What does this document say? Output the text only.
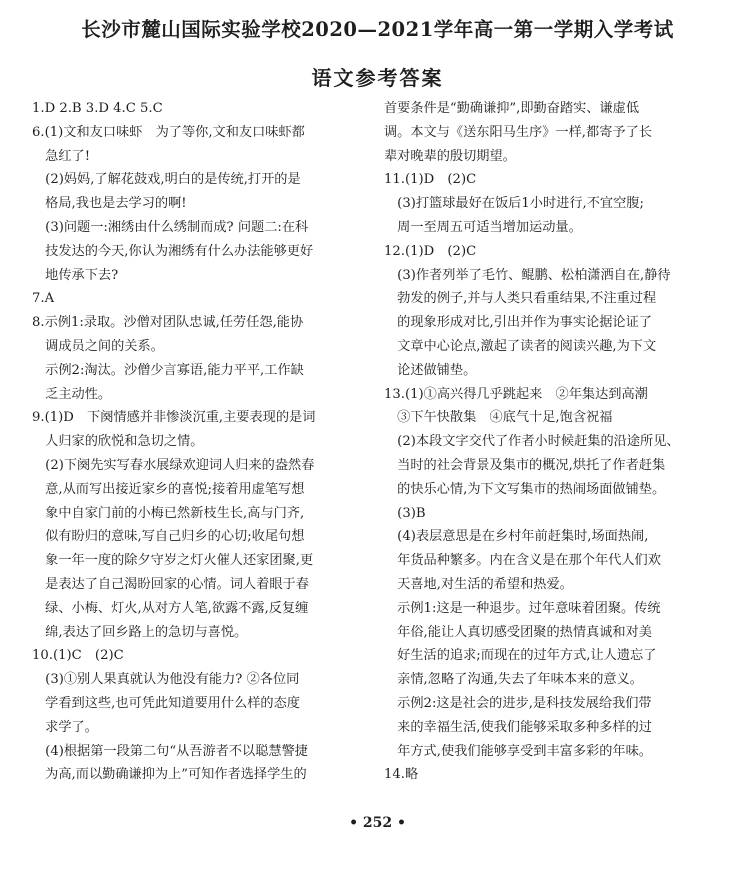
长沙市麓山国际实验学校2020—2021学年高一第一学期入学考试
语文参考答案
1.D 2.B 3.D 4.C 5.C
6.(1)文和友口味虾　为了等你,文和友口味虾都
　急红了!
　(2)妈妈,了解花鼓戏,明白的是传统,打开的是
　格局,我也是去学习的啊!
　(3)问题一:湘绣由什么绣制而成? 问题二:在科
　技发达的今天,你认为湘绣有什么办法能够更好
　地传承下去?
7.A
8.示例1:录取。沙僧对团队忠诚,任劳任怨,能协
　调成员之间的关系。
　示例2:淘汰。沙僧少言寡语,能力平平,工作缺
　乏主动性。
9.(1)D　下阕情感并非惨淡沉重,主要表现的是词
　人归家的欣悦和急切之情。
　(2)下阕先实写春水展绿欢迎词人归来的盎然春
　意,从而写出接近家乡的喜悦;接着用虚笔写想
　象中自家门前的小梅已然新枝生长,高与门齐,
　似有盼归的意味,写自己归乡的心切;收尾句想
　象一年一度的除夕守岁之灯火催人还家团聚,更
　是表达了自己渴盼回家的心情。词人着眼于春
　绿、小梅、灯火,从对方人笔,欲露不露,反复缠
　绵,表达了回乡路上的急切与喜悦。
10.(1)C　(2)C
　(3)①别人果真就认为他没有能力? ②各位同
　学看到这些,也可凭此知道要用什么样的态度
　求学了。
　(4)根据第一段第二句“从吾游者不以聪慧警捷
　为高,而以勤确谦抑为上”可知作者选择学生的
首要条件是“勤确谦抑”,即勤奋踏实、谦虚低
调。本文与《送东阳马生序》一样,都寄予了长
辈对晚辈的殷切期望。
11.(1)D　(2)C
　(3)打篮球最好在饭后1小时进行,不宜空腹;
　周一至周五可适当增加运动量。
12.(1)D　(2)C
　(3)作者列举了毛竹、鲲鹏、松柏潇洒自在,静待
　勃发的例子,并与人类只看重结果,不注重过程
　的现象形成对比,引出并作为事实论据论证了
　文章中心论点,激起了读者的阅读兴趣,为下文
　论述做铺垫。
13.(1)①高兴得几乎跳起来　②年集达到高潮
　③下午快散集　④底气十足,饱含祝福
　(2)本段文字交代了作者小时候赶集的沿途所见、
　当时的社会背景及集市的概况,烘托了作者赶集
　的快乐心情,为下文写集市的热闹场面做铺垫。
　(3)B
　(4)表层意思是在乡村年前赶集时,场面热闹,
　年货品种繁多。内在含义是在那个年代人们欢
　天喜地,对生活的希望和热爱。
　示例1:这是一种退步。过年意味着团聚。传统
　年俗,能让人真切感受团聚的热情真诚和对美
　好生活的追求;而现在的过年方式,让人遗忘了
　亲情,忽略了沟通,失去了年味本来的意义。
　示例2:这是社会的进步,是科技发展给我们带
　来的幸福生活,使我们能够采取多种多样的过
　年方式,使我们能够享受到丰富多彩的年味。
14.略
• 252 •
